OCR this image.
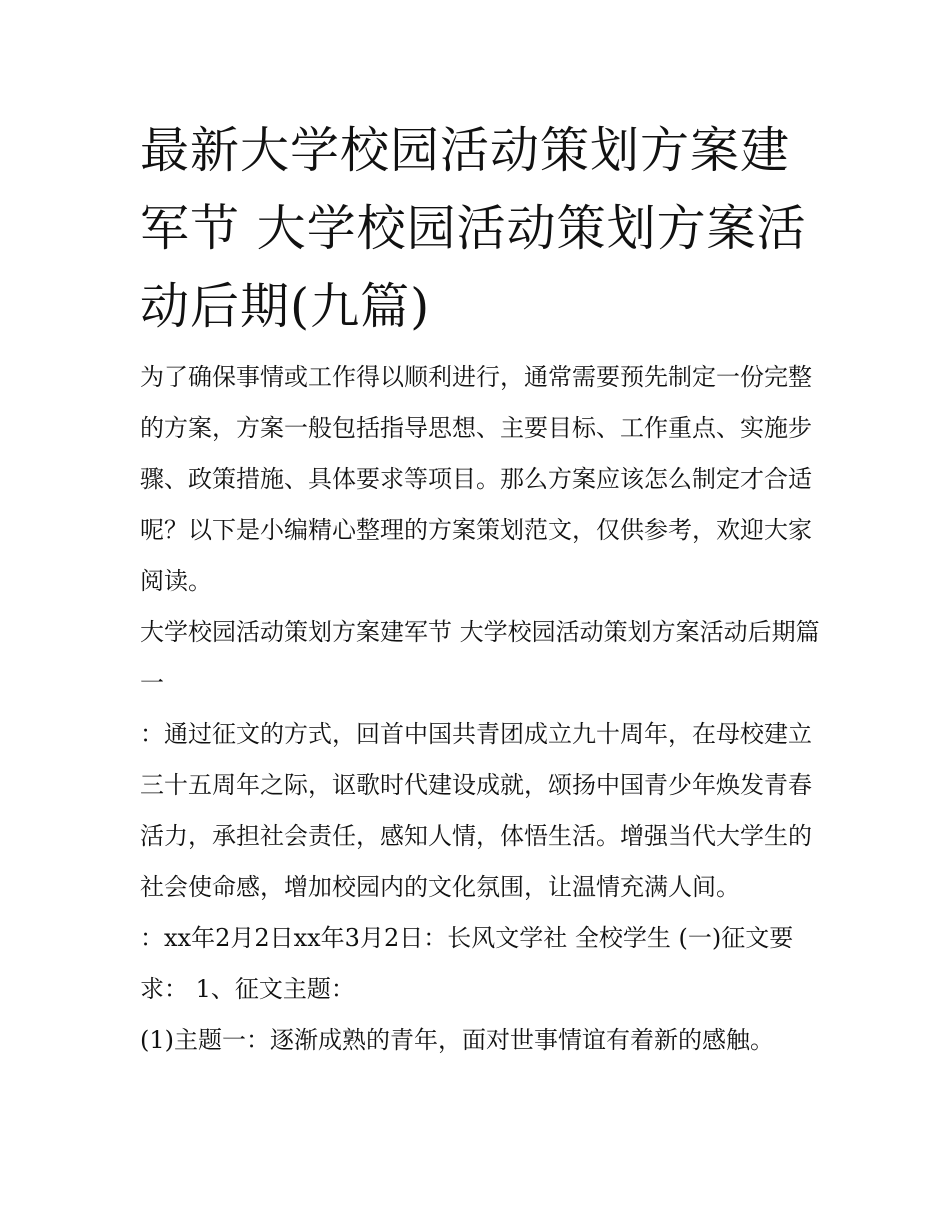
最新大学校园活动策划方案建军节 大学校园活动策划方案活动后期(九篇)

为了确保事情或工作得以顺利进行，通常需要预先制定一份完整的方案，方案一般包括指导思想、主要目标、工作重点、实施步骤、政策措施、具体要求等项目。那么方案应该怎么制定才合适呢？以下是小编精心整理的方案策划范文，仅供参考，欢迎大家阅读。

大学校园活动策划方案建军节 大学校园活动策划方案活动后期篇一

：通过征文的方式，回首中国共青团成立九十周年，在母校建立三十五周年之际，讴歌时代建设成就，颂扬中国青少年焕发青春活力，承担社会责任，感知人情，体悟生活。增强当代大学生的社会使命感，增加校园内的文化氛围，让温情充满人间。

：xx年2月2日xx年3月2日：长风文学社 全校学生 (一)征文要求： 1、征文主题：

(1)主题一：逐渐成熟的青年，面对世事情谊有着新的感触。
